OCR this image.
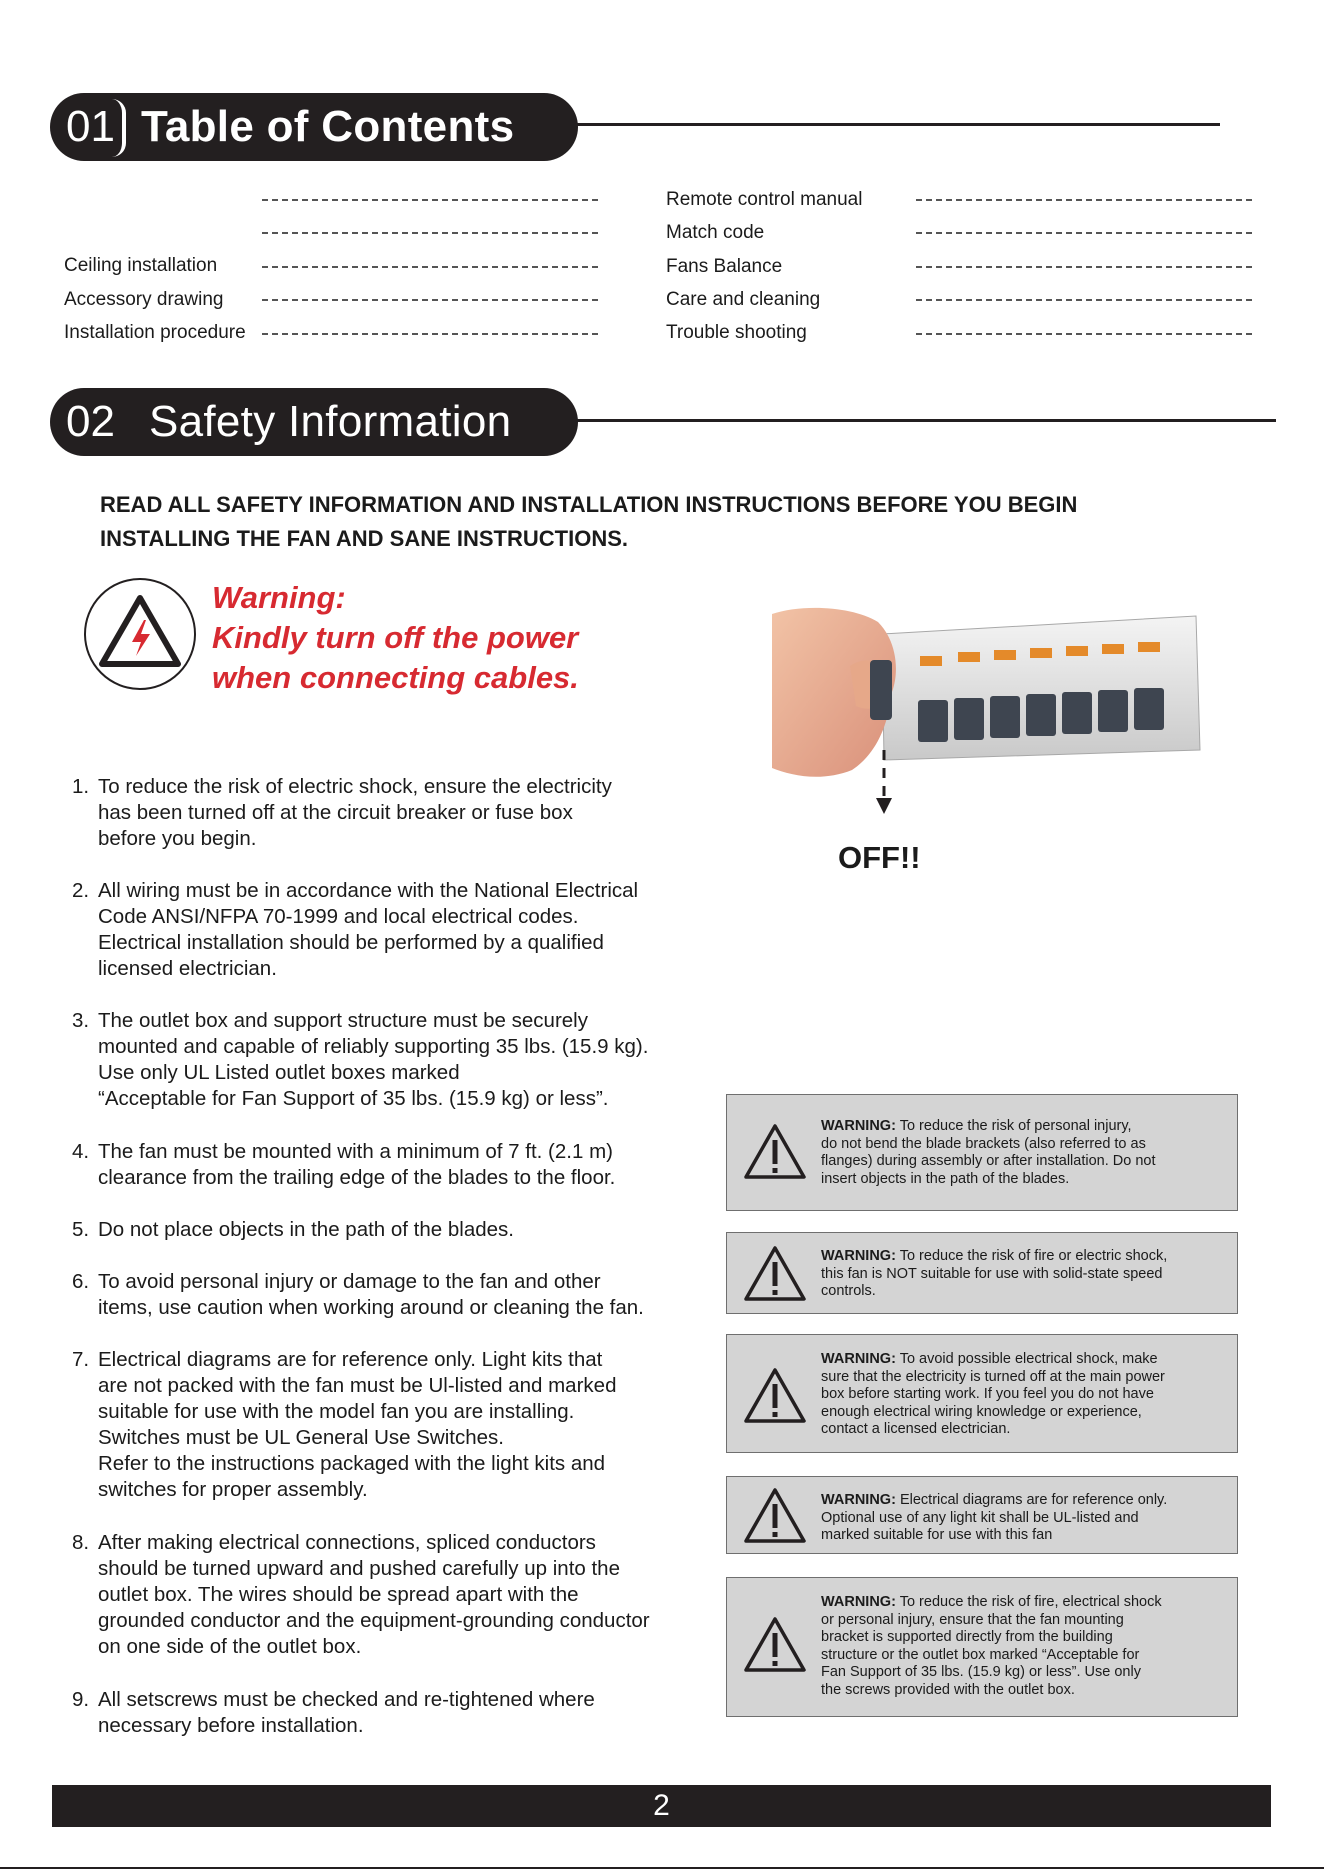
01 Table of Contents
Ceiling installation
Accessory drawing
Installation procedure
Remote control manual
Match code
Fans Balance
Care and cleaning
Trouble shooting
02 Safety Information
READ ALL SAFETY INFORMATION AND INSTALLATION INSTRUCTIONS BEFORE YOU BEGIN
INSTALLING THE FAN AND SANE INSTRUCTIONS.
Warning:
Kindly turn off the power
when connecting cables.
1. To reduce the risk of electric shock, ensure the electricity
has been turned off at the circuit breaker or fuse box
before you begin.
2. All wiring must be in accordance with the National Electrical
Code ANSI/NFPA 70-1999 and local electrical codes.
Electrical installation should be performed by a qualified
licensed electrician.
3. The outlet box and support structure must be securely
mounted and capable of reliably supporting 35 lbs. (15.9 kg).
Use only UL Listed outlet boxes marked
“Acceptable for Fan Support of 35 lbs. (15.9 kg) or less”.
4. The fan must be mounted with a minimum of 7 ft. (2.1 m)
clearance from the trailing edge of the blades to the floor.
5. Do not place objects in the path of the blades.
6. To avoid personal injury or damage to the fan and other
items, use caution when working around or cleaning the fan.
7. Electrical diagrams are for reference only. Light kits that
are not packed with the fan must be Ul-listed and marked
suitable for use with the model fan you are installing.
Switches must be UL General Use Switches.
Refer to the instructions packaged with the light kits and
switches for proper assembly.
8. After making electrical connections, spliced conductors
should be turned upward and pushed carefully up into the
outlet box. The wires should be spread apart with the
grounded conductor and the equipment-grounding conductor
on one side of the outlet box.
9. All setscrews must be checked and re-tightened where
necessary before installation.
OFF!!
WARNING: To reduce the risk of personal injury,
do not bend the blade brackets (also referred to as
flanges) during assembly or after installation. Do not
insert objects in the path of the blades.
WARNING: To reduce the risk of fire or electric shock,
this fan is NOT suitable for use with solid-state speed
controls.
WARNING: To avoid possible electrical shock, make
sure that the electricity is turned off at the main power
box before starting work. If you feel you do not have
enough electrical wiring knowledge or experience,
contact a licensed electrician.
WARNING: Electrical diagrams are for reference only.
Optional use of any light kit shall be UL-listed and
marked suitable for use with this fan
WARNING: To reduce the risk of fire, electrical shock
or personal injury, ensure that the fan mounting
bracket is supported directly from the building
structure or the outlet box marked “Acceptable for
Fan Support of 35 lbs. (15.9 kg) or less”. Use only
the screws provided with the outlet box.
2
